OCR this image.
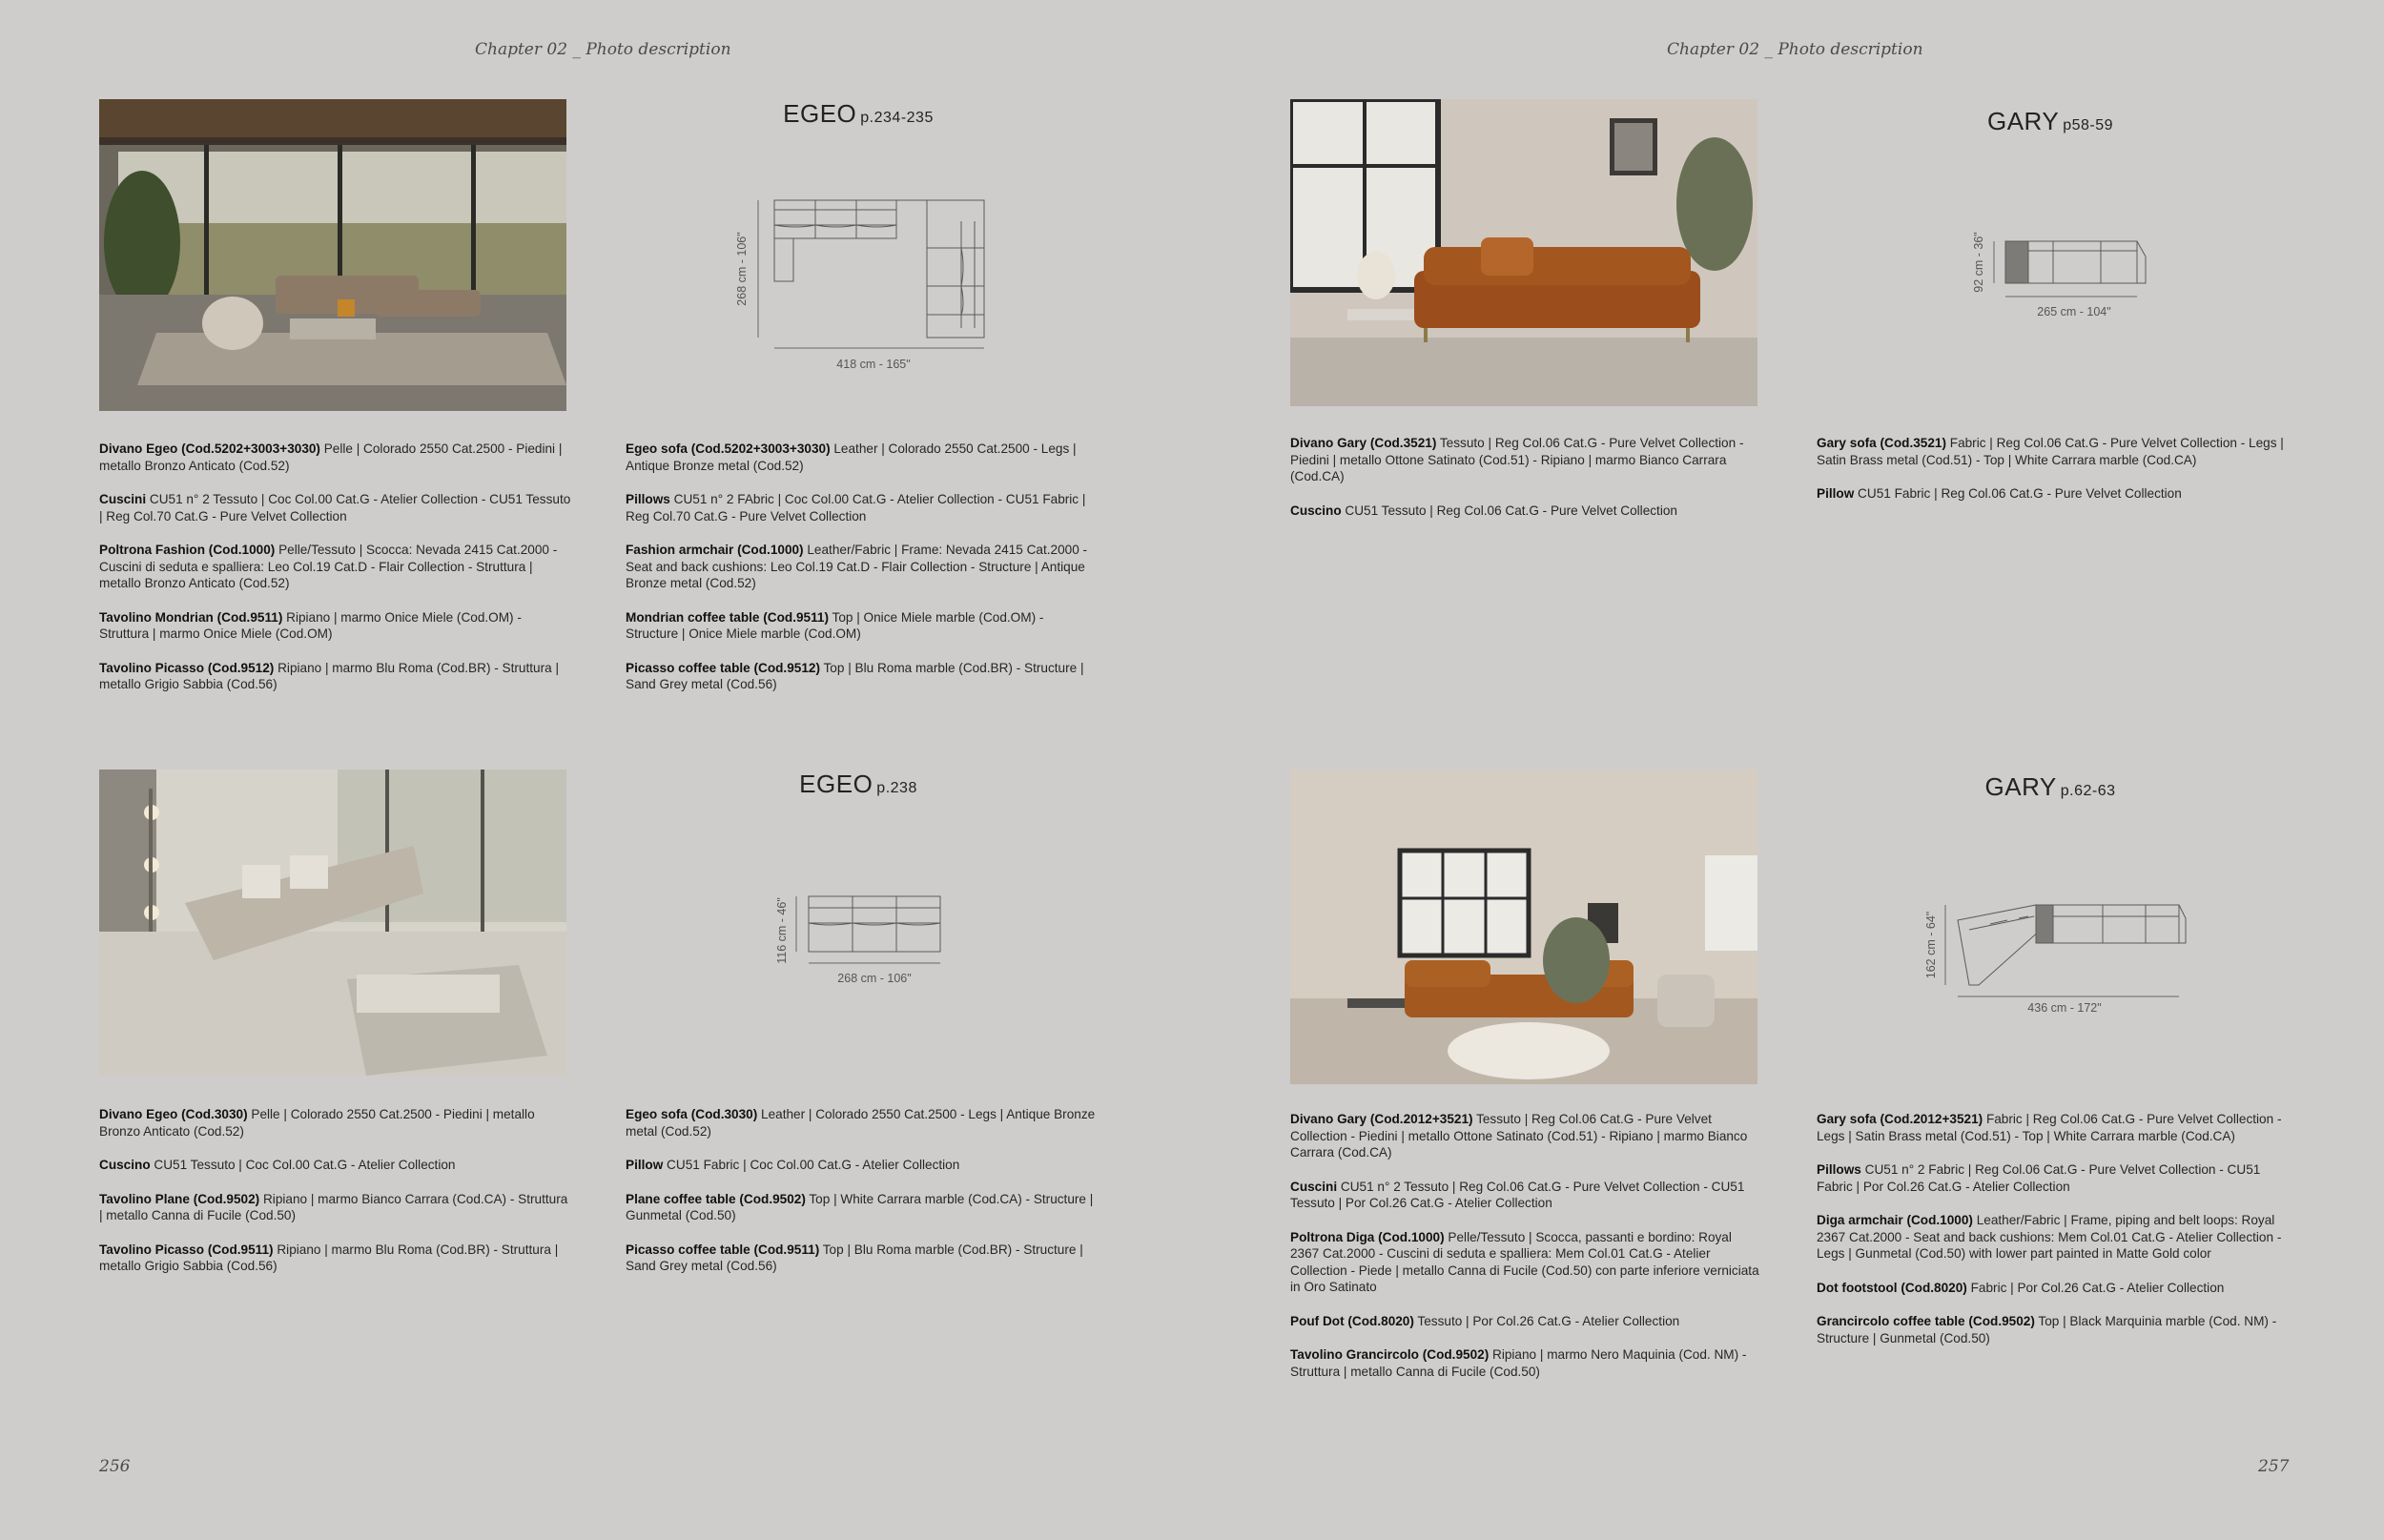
Chapter 02 _ Photo description	Chapter 02 _ Photo description
EGEO p.234-235
268 cm - 106"
418 cm - 165"

Divano Egeo (Cod.5202+3003+3030) Pelle | Colorado 2550 Cat.2500 - Piedini | metallo Bronzo Anticato (Cod.52)

Cuscini CU51 n° 2 Tessuto | Coc Col.00 Cat.G - Atelier Collection - CU51 Tessuto | Reg Col.70 Cat.G - Pure Velvet Collection

Poltrona Fashion (Cod.1000) Pelle/Tessuto | Scocca: Nevada 2415 Cat.2000 - Cuscini di seduta e spalliera: Leo Col.19 Cat.D - Flair Collection - Struttura | metallo Bronzo Anticato (Cod.52)

Tavolino Mondrian (Cod.9511) Ripiano | marmo Onice Miele (Cod.OM) - Struttura | marmo Onice Miele (Cod.OM)

Tavolino Picasso (Cod.9512) Ripiano | marmo Blu Roma (Cod.BR) - Struttura | metallo Grigio Sabbia (Cod.56)

Egeo sofa (Cod.5202+3003+3030) Leather | Colorado 2550 Cat.2500 - Legs | Antique Bronze metal (Cod.52)

Pillows CU51 n° 2 FAbric | Coc Col.00 Cat.G - Atelier Collection - CU51 Fabric | Reg Col.70 Cat.G - Pure Velvet Collection

Fashion armchair (Cod.1000) Leather/Fabric | Frame: Nevada 2415 Cat.2000 - Seat and back cushions: Leo Col.19 Cat.D - Flair Collection - Structure | Antique Bronze metal (Cod.52)

Mondrian coffee table (Cod.9511) Top | Onice Miele marble (Cod.OM) - Structure | Onice Miele marble (Cod.OM)

Picasso coffee table (Cod.9512) Top | Blu Roma marble (Cod.BR) - Structure | Sand Grey metal (Cod.56)

EGEO p.238
116 cm - 46"
268 cm - 106"

Divano Egeo (Cod.3030) Pelle | Colorado 2550 Cat.2500 - Piedini | metallo Bronzo Anticato (Cod.52)

Cuscino CU51 Tessuto | Coc Col.00 Cat.G - Atelier Collection

Tavolino Plane (Cod.9502) Ripiano | marmo Bianco Carrara (Cod.CA) - Struttura | metallo Canna di Fucile (Cod.50)

Tavolino Picasso (Cod.9511) Ripiano | marmo Blu Roma (Cod.BR) - Struttura | metallo Grigio Sabbia (Cod.56)

Egeo sofa (Cod.3030) Leather | Colorado 2550 Cat.2500 - Legs | Antique Bronze metal (Cod.52)

Pillow CU51 Fabric | Coc Col.00 Cat.G - Atelier Collection

Plane coffee table (Cod.9502) Top | White Carrara marble (Cod.CA) - Structure | Gunmetal (Cod.50)

Picasso coffee table (Cod.9511) Top | Blu Roma marble (Cod.BR) - Structure | Sand Grey metal (Cod.56)

GARY p58-59
92 cm - 36"
265 cm - 104"

Divano Gary (Cod.3521) Tessuto | Reg Col.06 Cat.G - Pure Velvet Collection - Piedini | metallo Ottone Satinato (Cod.51) - Ripiano | marmo Bianco Carrara (Cod.CA)

Cuscino CU51 Tessuto | Reg Col.06 Cat.G - Pure Velvet Collection

Gary sofa (Cod.3521) Fabric | Reg Col.06 Cat.G - Pure Velvet Collection - Legs | Satin Brass metal (Cod.51) - Top | White Carrara marble (Cod.CA)

Pillow CU51 Fabric | Reg Col.06 Cat.G - Pure Velvet Collection

GARY p.62-63
162 cm - 64"
436 cm - 172"

Divano Gary (Cod.2012+3521) Tessuto | Reg Col.06 Cat.G - Pure Velvet Collection - Piedini | metallo Ottone Satinato (Cod.51) - Ripiano | marmo Bianco Carrara (Cod.CA)

Cuscini CU51 n° 2 Tessuto | Reg Col.06 Cat.G - Pure Velvet Collection - CU51 Tessuto | Por Col.26 Cat.G - Atelier Collection

Poltrona Diga (Cod.1000) Pelle/Tessuto | Scocca, passanti e bordino: Royal 2367 Cat.2000 - Cuscini di seduta e spalliera: Mem Col.01 Cat.G - Atelier Collection - Piede | metallo Canna di Fucile (Cod.50) con parte inferiore verniciata in Oro Satinato

Pouf Dot (Cod.8020) Tessuto | Por Col.26 Cat.G - Atelier Collection

Tavolino Grancircolo (Cod.9502) Ripiano | marmo Nero Maquinia (Cod. NM) - Struttura | metallo Canna di Fucile (Cod.50)

Gary sofa (Cod.2012+3521) Fabric | Reg Col.06 Cat.G - Pure Velvet Collection - Legs | Satin Brass metal (Cod.51) - Top | White Carrara marble (Cod.CA)

Pillows CU51 n° 2 Fabric | Reg Col.06 Cat.G - Pure Velvet Collection - CU51 Fabric | Por Col.26 Cat.G - Atelier Collection

Diga armchair (Cod.1000) Leather/Fabric | Frame, piping and belt loops: Royal 2367 Cat.2000 - Seat and back cushions: Mem Col.01 Cat.G - Atelier Collection - Legs | Gunmetal (Cod.50) with lower part painted in Matte Gold color

Dot footstool (Cod.8020) Fabric | Por Col.26 Cat.G - Atelier Collection

Grancircolo coffee table (Cod.9502) Top | Black Marquinia marble (Cod. NM) - Structure | Gunmetal (Cod.50)

256	257
